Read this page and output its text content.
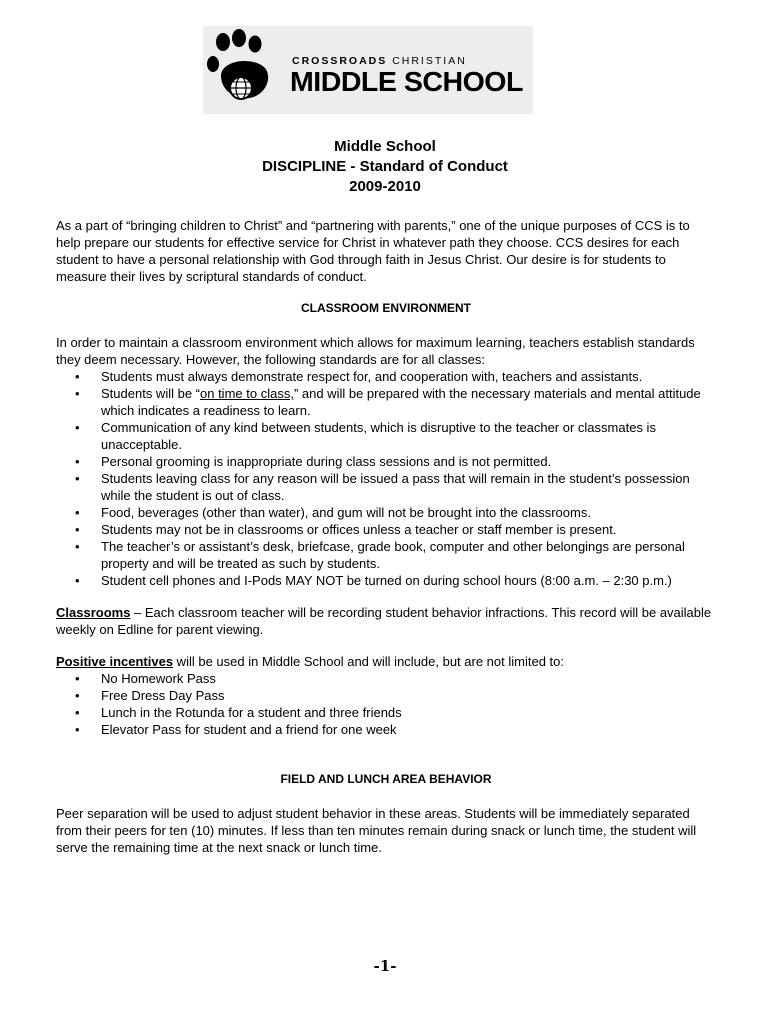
CROSSROADS CHRISTIAN
MIDDLE SCHOOL
Middle School
DISCIPLINE - Standard of Conduct
2009-2010

As a part of “bringing children to Christ” and “partnering with parents,” one of the unique purposes of CCS is to help prepare our students for effective service for Christ in whatever path they choose. CCS desires for each student to have a personal relationship with God through faith in Jesus Christ. Our desire is for students to measure their lives by scriptural standards of conduct.

CLASSROOM ENVIRONMENT

In order to maintain a classroom environment which allows for maximum learning, teachers establish standards they deem necessary. However, the following standards are for all classes:

• Students must always demonstrate respect for, and cooperation with, teachers and assistants.
• Students will be “on time to class,” and will be prepared with the necessary materials and mental attitude which indicates a readiness to learn.
• Communication of any kind between students, which is disruptive to the teacher or classmates is unacceptable.
• Personal grooming is inappropriate during class sessions and is not permitted.
• Students leaving class for any reason will be issued a pass that will remain in the student’s possession while the student is out of class.
• Food, beverages (other than water), and gum will not be brought into the classrooms.
• Students may not be in classrooms or offices unless a teacher or staff member is present.
• The teacher’s or assistant’s desk, briefcase, grade book, computer and other belongings are personal property and will be treated as such by students.
• Student cell phones and I-Pods MAY NOT be turned on during school hours (8:00 a.m. – 2:30 p.m.)

Classrooms – Each classroom teacher will be recording student behavior infractions. This record will be available weekly on Edline for parent viewing.

Positive incentives will be used in Middle School and will include, but are not limited to:

• No Homework Pass
• Free Dress Day Pass
• Lunch in the Rotunda for a student and three friends
• Elevator Pass for student and a friend for one week
FIELD AND LUNCH AREA BEHAVIOR

Peer separation will be used to adjust student behavior in these areas. Students will be immediately separated from their peers for ten (10) minutes. If less than ten minutes remain during snack or lunch time, the student will serve the remaining time at the next snack or lunch time.

-1-
